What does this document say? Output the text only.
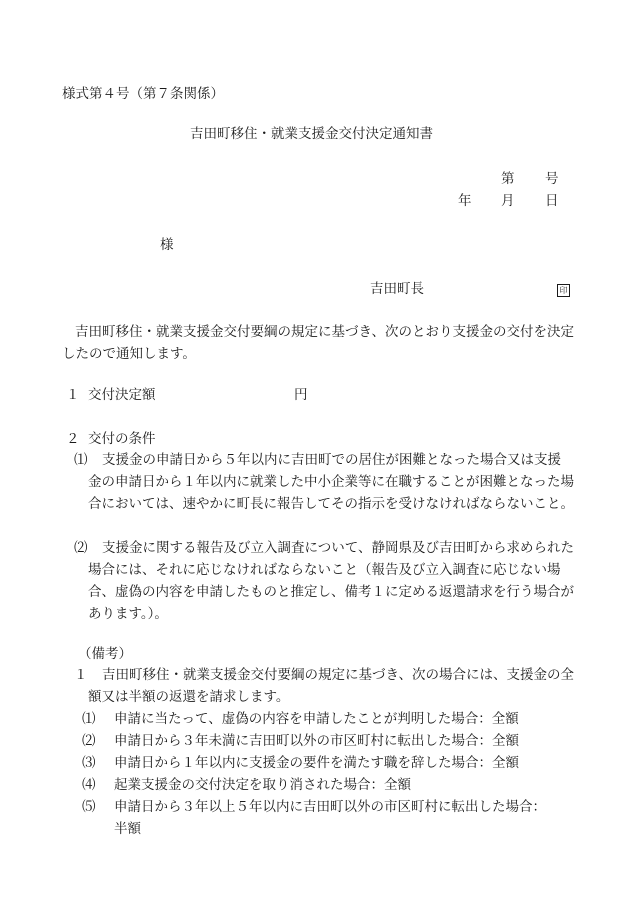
様式第４号（第７条関係）
吉田町移住・就業支援金交付決定通知書
第 号
年 月 日
様
吉田町長	印
吉田町移住・就業支援金交付要綱の規定に基づき、次のとおり支援金の交付を決定したので通知します。
１ 交付決定額	円
２ 交付の条件
⑴	支援金の申請日から５年以内に吉田町での居住が困難となった場合又は支援金の申請日から１年以内に就業した中小企業等に在職することが困難となった場合においては、速やかに町長に報告してその指示を受けなければならないこと。
⑵	支援金に関する報告及び立入調査について、静岡県及び吉田町から求められた場合には、それに応じなければならないこと（報告及び立入調査に応じない場合、虚偽の内容を申請したものと推定し、備考１に定める返還請求を行う場合があります。）。
（備考）
１	吉田町移住・就業支援金交付要綱の規定に基づき、次の場合には、支援金の全額又は半額の返還を請求します。
⑴ 申請に当たって、虚偽の内容を申請したことが判明した場合：全額
⑵ 申請日から３年未満に吉田町以外の市区町村に転出した場合：全額
⑶ 申請日から１年以内に支援金の要件を満たす職を辞した場合：全額
⑷ 起業支援金の交付決定を取り消された場合：全額
⑸ 申請日から３年以上５年以内に吉田町以外の市区町村に転出した場合：半額
